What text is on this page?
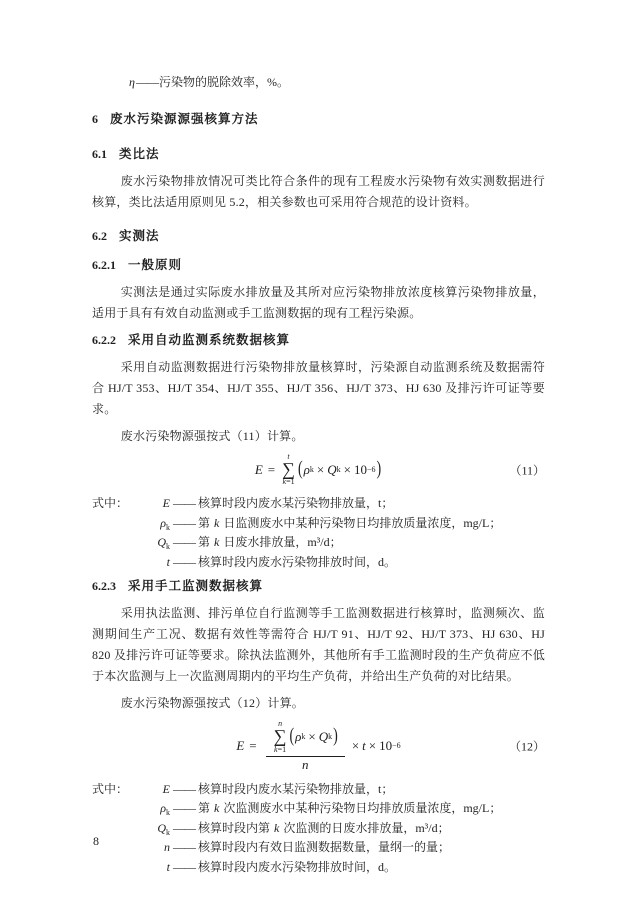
η——污染物的脱除效率，%。
6 废水污染源源强核算方法
6.1 类比法

废水污染物排放情况可类比符合条件的现有工程废水污染物有效实测数据进行核算，类比法适用原则见 5.2，相关参数也可采用符合规范的设计资料。

6.2 实测法
6.2.1 一般原则

实测法是通过实际废水排放量及其所对应污染物排放浓度核算污染物排放量，适用于具有有效自动监测或手工监测数据的现有工程污染源。

6.2.2 采用自动监测系统数据核算

采用自动监测数据进行污染物排放量核算时，污染源自动监测系统及数据需符合 HJ/T 353、HJ/T 354、HJ/T 355、HJ/T 356、HJ/T 373、HJ 630 及排污许可证等要求。

废水污染物源强按式（11）计算。

E =
t
∑
k=1
( ρ k × Q k × 10 −6 )	（11）
式中：	E —— 核算时段内废水某污染物排放量，t；
$\rho_k$ —— 第 k 日监测废水中某种污染物日均排放质量浓度，mg/L；
$Q_k$ —— 第 k 日废水排放量，m³/d；
t —— 核算时段内废水污染物排放时间，d。
6.2.3 采用手工监测数据核算

采用执法监测、排污单位自行监测等手工监测数据进行核算时，监测频次、监测期间生产工况、数据有效性等需符合 HJ/T 91、HJ/T 92、HJ/T 373、HJ 630、HJ 820 及排污许可证等要求。除执法监测外，其他所有手工监测时段的生产负荷应不低于本次监测与上一次监测周期内的平均生产负荷，并给出生产负荷的对比结果。

废水污染物源强按式（12）计算。

E =
n
∑
k=1
( ρ k × Q k )
n
× t × 10 −6	（12）
式中：	E —— 核算时段内废水某污染物排放量，t；
$\rho_k$ —— 第 k 次监测废水中某种污染物日均排放质量浓度，mg/L；
$Q_k$ —— 核算时段内第 k 次监测的日废水排放量，m³/d；
n —— 核算时段内有效日监测数据数量，量纲一的量；
t —— 核算时段内废水污染物排放时间，d。
8
